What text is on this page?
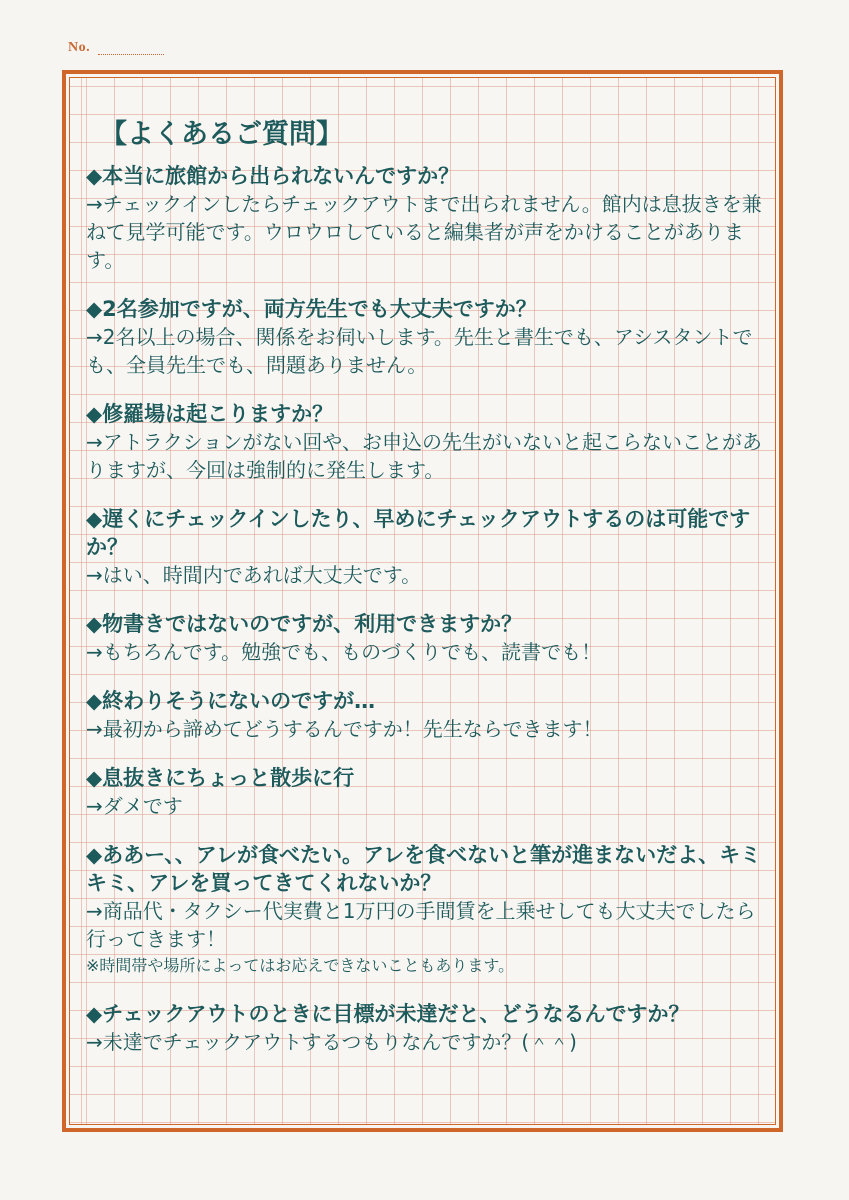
No.
【よくあるご質問】
◆本当に旅館から出られないんですか？
→チェックインしたらチェックアウトまで出られません。館内は息抜きを兼ねて見学可能です。ウロウロしていると編集者が声をかけることがあります。
◆2名参加ですが、両方先生でも大丈夫ですか？
→2名以上の場合、関係をお伺いします。先生と書生でも、アシスタントでも、全員先生でも、問題ありません。
◆修羅場は起こりますか？
→アトラクションがない回や、お申込の先生がいないと起こらないことがありますが、今回は強制的に発生します。
◆遅くにチェックインしたり、早めにチェックアウトするのは可能ですか？
→はい、時間内であれば大丈夫です。
◆物書きではないのですが、利用できますか？
→もちろんです。勉強でも、ものづくりでも、読書でも！
◆終わりそうにないのですが…
→最初から諦めてどうするんですか！先生ならできます！
◆息抜きにちょっと散歩に行
→ダメです
◆ああー、、アレが食べたい。アレを食べないと筆が進まないだよ、キミキミ、アレを買ってきてくれないか？
→商品代・タクシー代実費と1万円の手間賃を上乗せしても大丈夫でしたら行ってきます！
※時間帯や場所によってはお応えできないこともあります。
◆チェックアウトのときに目標が未達だと、どうなるんですか？
→未達でチェックアウトするつもりなんですか？(＾＾)
